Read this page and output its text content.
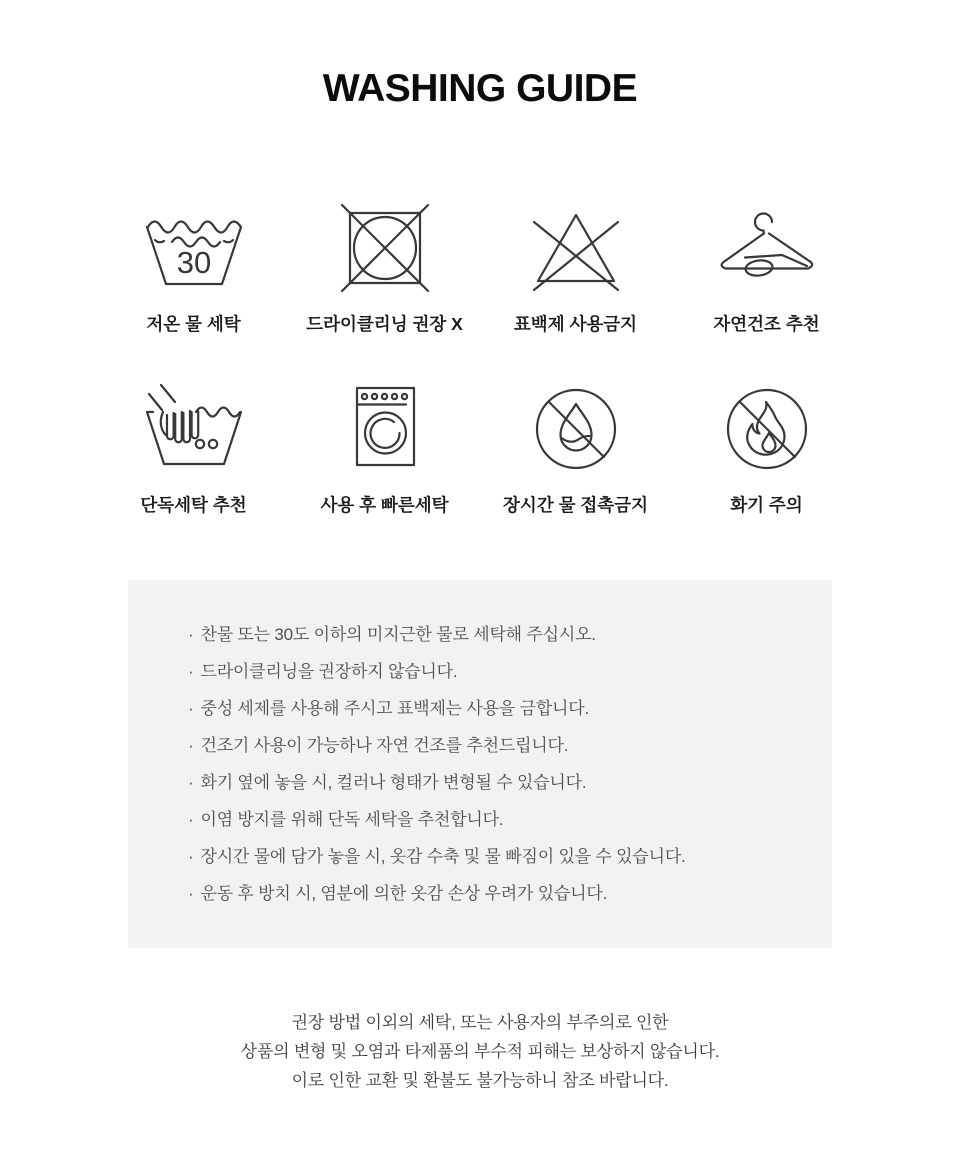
WASHING GUIDE
30
저온 물 세탁	드라이클리닝 권장 X	표백제 사용금지	자연건조 추천
단독세탁 추천	사용 후 빠른세탁	장시간 물 접촉금지	화기 주의
· 찬물 또는 30도 이하의 미지근한 물로 세탁해 주십시오.
· 드라이클리닝을 권장하지 않습니다.
· 중성 세제를 사용해 주시고 표백제는 사용을 금합니다.
· 건조기 사용이 가능하나 자연 건조를 추천드립니다.
· 화기 옆에 놓을 시, 컬러나 형태가 변형될 수 있습니다.
· 이염 방지를 위해 단독 세탁을 추천합니다.
· 장시간 물에 담가 놓을 시, 옷감 수축 및 물 빠짐이 있을 수 있습니다.
· 운동 후 방치 시, 염분에 의한 옷감 손상 우려가 있습니다.

권장 방법 이외의 세탁, 또는 사용자의 부주의로 인한

상품의 변형 및 오염과 타제품의 부수적 피해는 보상하지 않습니다.

이로 인한 교환 및 환불도 불가능하니 참조 바랍니다.
